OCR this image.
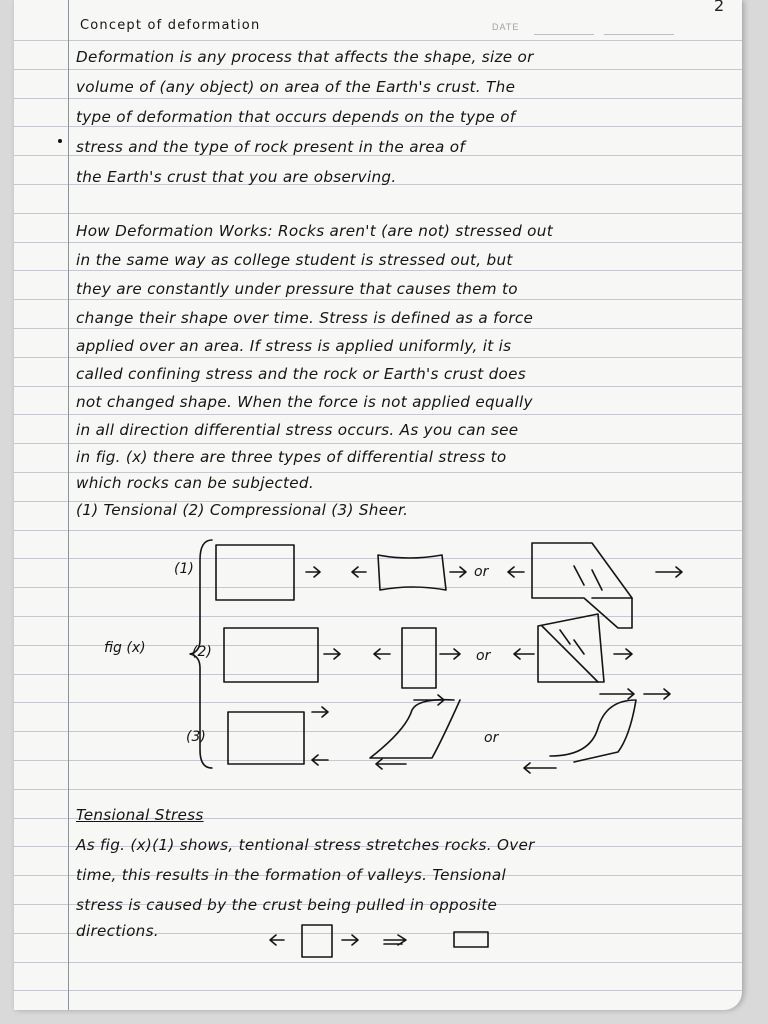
2
Concept of deformation	DATE
Deformation is any process that affects the shape, size or
volume of (any object) on area of the Earth's crust. The
type of deformation that occurs depends on the type of
stress and the type of rock present in the area of
the Earth's crust that you are observing.
How Deformation Works: Rocks aren't (are not) stressed out
in the same way as college student is stressed out, but
they are constantly under pressure that causes them to
change their shape over time. Stress is defined as a force
applied over an area. If stress is applied uniformly, it is
called confining stress and the rock or Earth's crust does
not changed shape. When the force is not applied equally
in all direction differential stress occurs. As you can see
in fig. (x) there are three types of differential stress to
which rocks can be subjected.
(1) Tensional (2) Compressional (3) Sheer.
fig (x)
(1)
(2)
(3)
or
or
or
Tensional Stress
As fig. (x)(1) shows, tentional stress stretches rocks. Over
time, this results in the formation of valleys. Tensional
stress is caused by the crust being pulled in opposite
directions.
